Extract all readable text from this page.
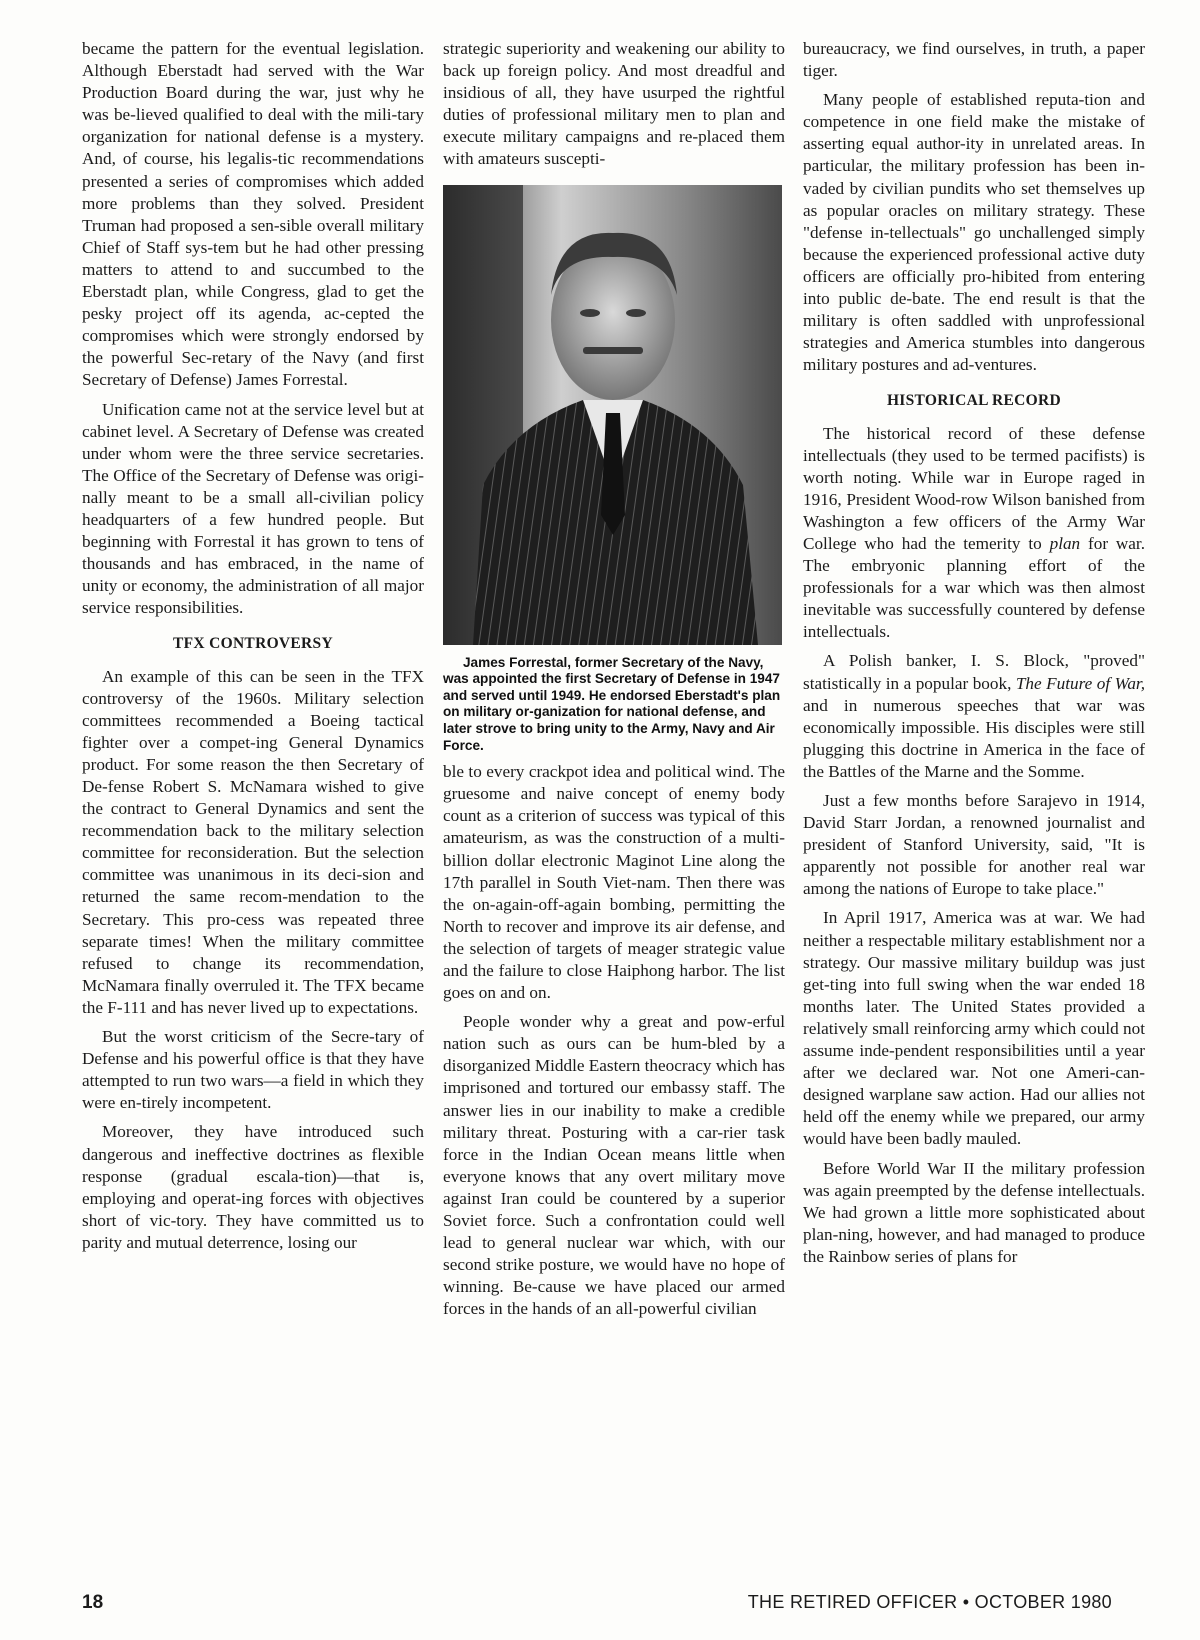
became the pattern for the eventual legislation. Although Eberstadt had served with the War Production Board during the war, just why he was be-lieved qualified to deal with the mili-tary organization for national defense is a mystery. And, of course, his legalis-tic recommendations presented a series of compromises which added more problems than they solved. President Truman had proposed a sen-sible overall military Chief of Staff sys-tem but he had other pressing matters to attend to and succumbed to the Eberstadt plan, while Congress, glad to get the pesky project off its agenda, ac-cepted the compromises which were strongly endorsed by the powerful Sec-retary of the Navy (and first Secretary of Defense) James Forrestal.

Unification came not at the service level but at cabinet level. A Secretary of Defense was created under whom were the three service secretaries. The Office of the Secretary of Defense was origi-nally meant to be a small all-civilian policy headquarters of a few hundred people. But beginning with Forrestal it has grown to tens of thousands and has embraced, in the name of unity or economy, the administration of all major service responsibilities.

TFX CONTROVERSY

An example of this can be seen in the TFX controversy of the 1960s. Military selection committees recommended a Boeing tactical fighter over a compet-ing General Dynamics product. For some reason the then Secretary of De-fense Robert S. McNamara wished to give the contract to General Dynamics and sent the recommendation back to the military selection committee for reconsideration. But the selection committee was unanimous in its deci-sion and returned the same recom-mendation to the Secretary. This pro-cess was repeated three separate times! When the military committee refused to change its recommendation, McNamara finally overruled it. The TFX became the F-111 and has never lived up to expectations.

But the worst criticism of the Secre-tary of Defense and his powerful office is that they have attempted to run two wars—a field in which they were en-tirely incompetent.

Moreover, they have introduced such dangerous and ineffective doctrines as flexible response (gradual escala-tion)—that is, employing and operat-ing forces with objectives short of vic-tory. They have committed us to parity and mutual deterrence, losing our

strategic superiority and weakening our ability to back up foreign policy. And most dreadful and insidious of all, they have usurped the rightful duties of professional military men to plan and execute military campaigns and re-placed them with amateurs suscepti-

James Forrestal, former Secretary of the Navy, was appointed the first Secretary of Defense in 1947 and served until 1949. He endorsed Eberstadt's plan on military or-ganization for national defense, and later strove to bring unity to the Army, Navy and Air Force.

ble to every crackpot idea and political wind. The gruesome and naive concept of enemy body count as a criterion of success was typical of this amateurism, as was the construction of a multi-billion dollar electronic Maginot Line along the 17th parallel in South Viet-nam. Then there was the on-again-off-again bombing, permitting the North to recover and improve its air defense, and the selection of targets of meager strategic value and the failure to close Haiphong harbor. The list goes on and on.

People wonder why a great and pow-erful nation such as ours can be hum-bled by a disorganized Middle Eastern theocracy which has imprisoned and tortured our embassy staff. The answer lies in our inability to make a credible military threat. Posturing with a car-rier task force in the Indian Ocean means little when everyone knows that any overt military move against Iran could be countered by a superior Soviet force. Such a confrontation could well lead to general nuclear war which, with our second strike posture, we would have no hope of winning. Be-cause we have placed our armed forces in the hands of an all-powerful civilian

bureaucracy, we find ourselves, in truth, a paper tiger.

Many people of established reputa-tion and competence in one field make the mistake of asserting equal author-ity in unrelated areas. In particular, the military profession has been in-vaded by civilian pundits who set themselves up as popular oracles on military strategy. These "defense in-tellectuals" go unchallenged simply because the experienced professional active duty officers are officially pro-hibited from entering into public de-bate. The end result is that the military is often saddled with unprofessional strategies and America stumbles into dangerous military postures and ad-ventures.

HISTORICAL RECORD

The historical record of these defense intellectuals (they used to be termed pacifists) is worth noting. While war in Europe raged in 1916, President Wood-row Wilson banished from Washington a few officers of the Army War College who had the temerity to plan for war. The embryonic planning effort of the professionals for a war which was then almost inevitable was successfully countered by defense intellectuals.

A Polish banker, I. S. Block, "proved" statistically in a popular book, The Future of War, and in numerous speeches that war was economically impossible. His disciples were still plugging this doctrine in America in the face of the Battles of the Marne and the Somme.

Just a few months before Sarajevo in 1914, David Starr Jordan, a renowned journalist and president of Stanford University, said, "It is apparently not possible for another real war among the nations of Europe to take place."

In April 1917, America was at war. We had neither a respectable military establishment nor a strategy. Our massive military buildup was just get-ting into full swing when the war ended 18 months later. The United States provided a relatively small reinforcing army which could not assume inde-pendent responsibilities until a year after we declared war. Not one Ameri-can-designed warplane saw action. Had our allies not held off the enemy while we prepared, our army would have been badly mauled.

Before World War II the military profession was again preempted by the defense intellectuals. We had grown a little more sophisticated about plan-ning, however, and had managed to produce the Rainbow series of plans for

18	THE RETIRED OFFICER • OCTOBER 1980
